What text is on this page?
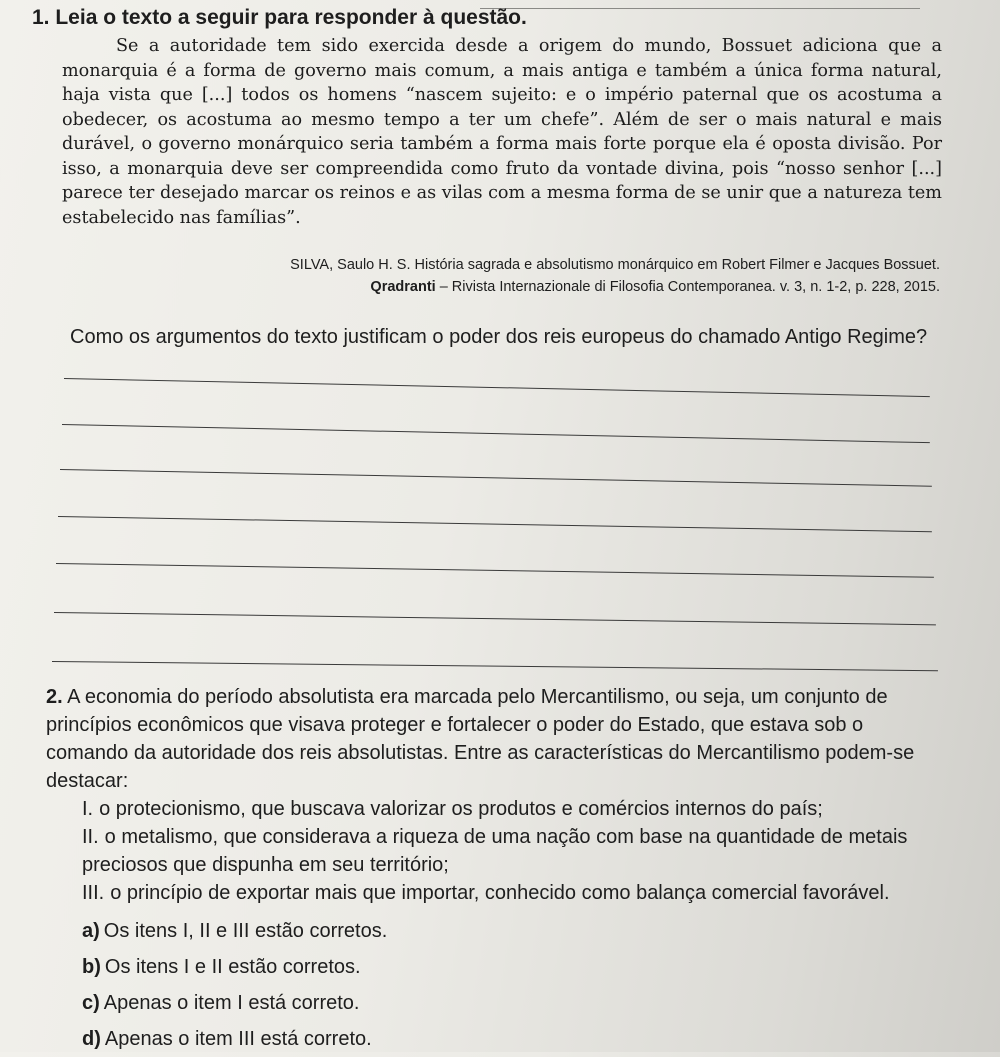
1. Leia o texto a seguir para responder à questão.

Se a autoridade tem sido exercida desde a origem do mundo, Bossuet adiciona que a monarquia é a forma de governo mais comum, a mais antiga e também a única forma natural, haja vista que [...] todos os homens “nascem sujeito: e o império paternal que os acostuma a obedecer, os acostuma ao mesmo tempo a ter um chefe”. Além de ser o mais natural e mais durável, o governo monárquico seria também a forma mais forte porque ela é oposta divisão. Por isso, a monarquia deve ser compreendida como fruto da vontade divina, pois “nosso senhor [...] parece ter desejado marcar os reinos e as vilas com a mesma forma de se unir que a natureza tem estabelecido nas famílias”.

SILVA, Saulo H. S. História sagrada e absolutismo monárquico em Robert Filmer e Jacques Bossuet.
Qradranti – Rivista Internazionale di Filosofia Contemporanea. v. 3, n. 1-2, p. 228, 2015.
Como os argumentos do texto justificam o poder dos reis europeus do chamado Antigo Regime?
2. A economia do período absolutista era marcada pelo Mercantilismo, ou seja, um conjunto de princípios econômicos que visava proteger e fortalecer o poder do Estado, que estava sob o comando da autoridade dos reis absolutistas. Entre as características do Mercantilismo podem-se destacar:
I. o protecionismo, que buscava valorizar os produtos e comércios internos do país;
II. o metalismo, que considerava a riqueza de uma nação com base na quantidade de metais preciosos que dispunha em seu território;
III. o princípio de exportar mais que importar, conhecido como balança comercial favorável.
a) Os itens I, II e III estão corretos.
b) Os itens I e II estão corretos.
c) Apenas o item I está correto.
d) Apenas o item III está correto.
